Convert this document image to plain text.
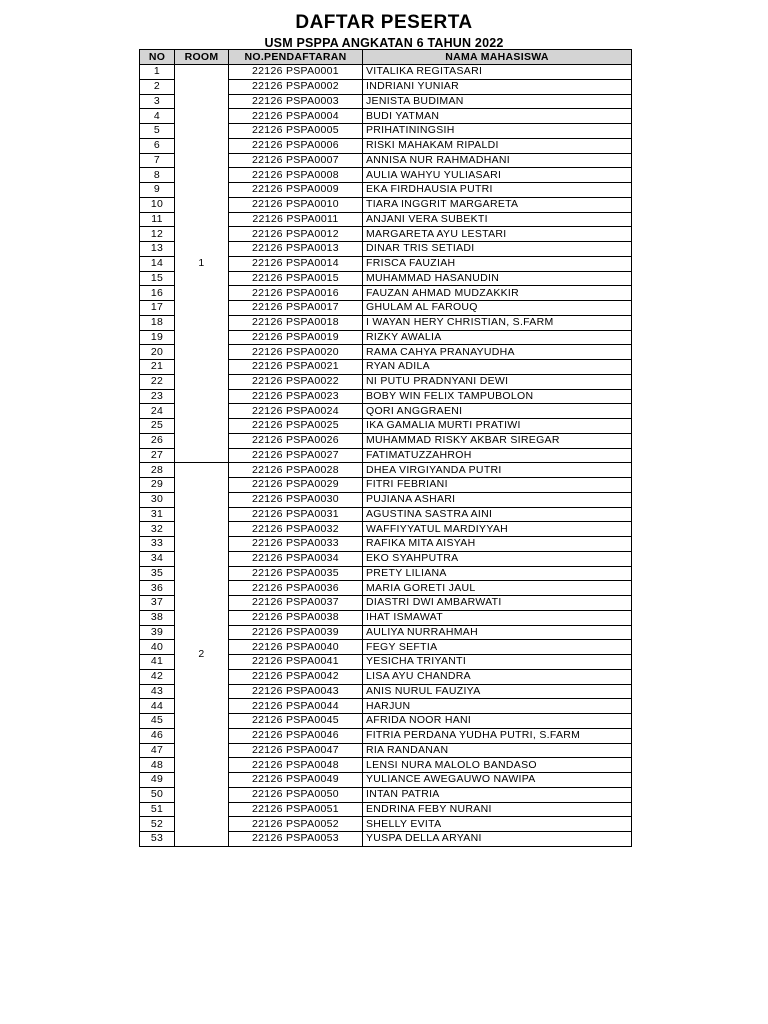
DAFTAR PESERTA
USM PSPPA ANGKATAN 6 TAHUN 2022
NO	ROOM	NO.PENDAFTARAN	NAMA MAHASISWA
1	1	22126 PSPA0001	VITALIKA REGITASARI
2		22126 PSPA0002	INDRIANI YUNIAR
3		22126 PSPA0003	JENISTA BUDIMAN
4		22126 PSPA0004	BUDI YATMAN
5		22126 PSPA0005	PRIHATININGSIH
6		22126 PSPA0006	RISKI MAHAKAM RIPALDI
7		22126 PSPA0007	ANNISA NUR RAHMADHANI
8		22126 PSPA0008	AULIA WAHYU YULIASARI
9		22126 PSPA0009	EKA FIRDHAUSIA PUTRI
10		22126 PSPA0010	TIARA INGGRIT MARGARETA
11		22126 PSPA0011	ANJANI VERA SUBEKTI
12		22126 PSPA0012	MARGARETA AYU LESTARI
13		22126 PSPA0013	DINAR TRIS SETIADI
14		22126 PSPA0014	FRISCA FAUZIAH
15		22126 PSPA0015	MUHAMMAD HASANUDIN
16		22126 PSPA0016	FAUZAN AHMAD MUDZAKKIR
17		22126 PSPA0017	GHULAM AL FAROUQ
18		22126 PSPA0018	I WAYAN HERY CHRISTIAN, S.FARM
19		22126 PSPA0019	RIZKY AWALIA
20		22126 PSPA0020	RAMA CAHYA PRANAYUDHA
21		22126 PSPA0021	RYAN ADILA
22		22126 PSPA0022	NI PUTU PRADNYANI DEWI
23		22126 PSPA0023	BOBY WIN FELIX TAMPUBOLON
24		22126 PSPA0024	QORI ANGGRAENI
25		22126 PSPA0025	IKA GAMALIA MURTI PRATIWI
26		22126 PSPA0026	MUHAMMAD RISKY AKBAR SIREGAR
27		22126 PSPA0027	FATIMATUZZAHROH
28	2	22126 PSPA0028	DHEA VIRGIYANDA PUTRI
29		22126 PSPA0029	FITRI FEBRIANI
30		22126 PSPA0030	PUJIANA ASHARI
31		22126 PSPA0031	AGUSTINA SASTRA AINI
32		22126 PSPA0032	WAFFIYYATUL MARDIYYAH
33		22126 PSPA0033	RAFIKA MITA AISYAH
34		22126 PSPA0034	EKO SYAHPUTRA
35		22126 PSPA0035	PRETY LILIANA
36		22126 PSPA0036	MARIA GORETI JAUL
37		22126 PSPA0037	DIASTRI DWI AMBARWATI
38		22126 PSPA0038	IHAT ISMAWAT
39		22126 PSPA0039	AULIYA NURRAHMAH
40		22126 PSPA0040	FEGY SEFTIA
41		22126 PSPA0041	YESICHA TRIYANTI
42		22126 PSPA0042	LISA AYU CHANDRA
43		22126 PSPA0043	ANIS NURUL FAUZIYA
44		22126 PSPA0044	HARJUN
45		22126 PSPA0045	AFRIDA NOOR HANI
46		22126 PSPA0046	FITRIA PERDANA YUDHA PUTRI, S.FARM
47		22126 PSPA0047	RIA RANDANAN
48		22126 PSPA0048	LENSI NURA MALOLO BANDASO
49		22126 PSPA0049	YULIANCE AWEGAUWO NAWIPA
50		22126 PSPA0050	INTAN PATRIA
51		22126 PSPA0051	ENDRINA FEBY NURANI
52		22126 PSPA0052	SHELLY EVITA
53		22126 PSPA0053	YUSPA DELLA ARYANI
